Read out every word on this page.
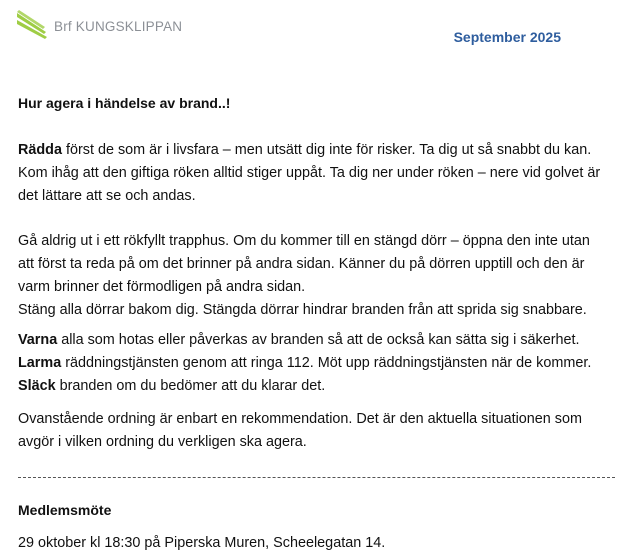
Brf KUNGSKLIPPAN
September 2025
Hur agera i händelse av brand..!

Rädda först de som är i livsfara – men utsätt dig inte för risker. Ta dig ut så snabbt du kan.
Kom ihåg att den giftiga röken alltid stiger uppåt. Ta dig ner under röken – nere vid golvet är
det lättare att se och andas.

Gå aldrig ut i ett rökfyllt trapphus. Om du kommer till en stängd dörr – öppna den inte utan
att först ta reda på om det brinner på andra sidan. Känner du på dörren upptill och den är
varm brinner det förmodligen på andra sidan.
Stäng alla dörrar bakom dig. Stängda dörrar hindrar branden från att sprida sig snabbare.

Varna alla som hotas eller påverkas av branden så att de också kan sätta sig i säkerhet.
Larma räddningstjänsten genom att ringa 112. Möt upp räddningstjänsten när de kommer.
Släck branden om du bedömer att du klarar det.

Ovanstående ordning är enbart en rekommendation. Det är den aktuella situationen som
avgör i vilken ordning du verkligen ska agera.

Medlemsmöte
29 oktober kl 18:30 på Piperska Muren, Scheelegatan 14.
